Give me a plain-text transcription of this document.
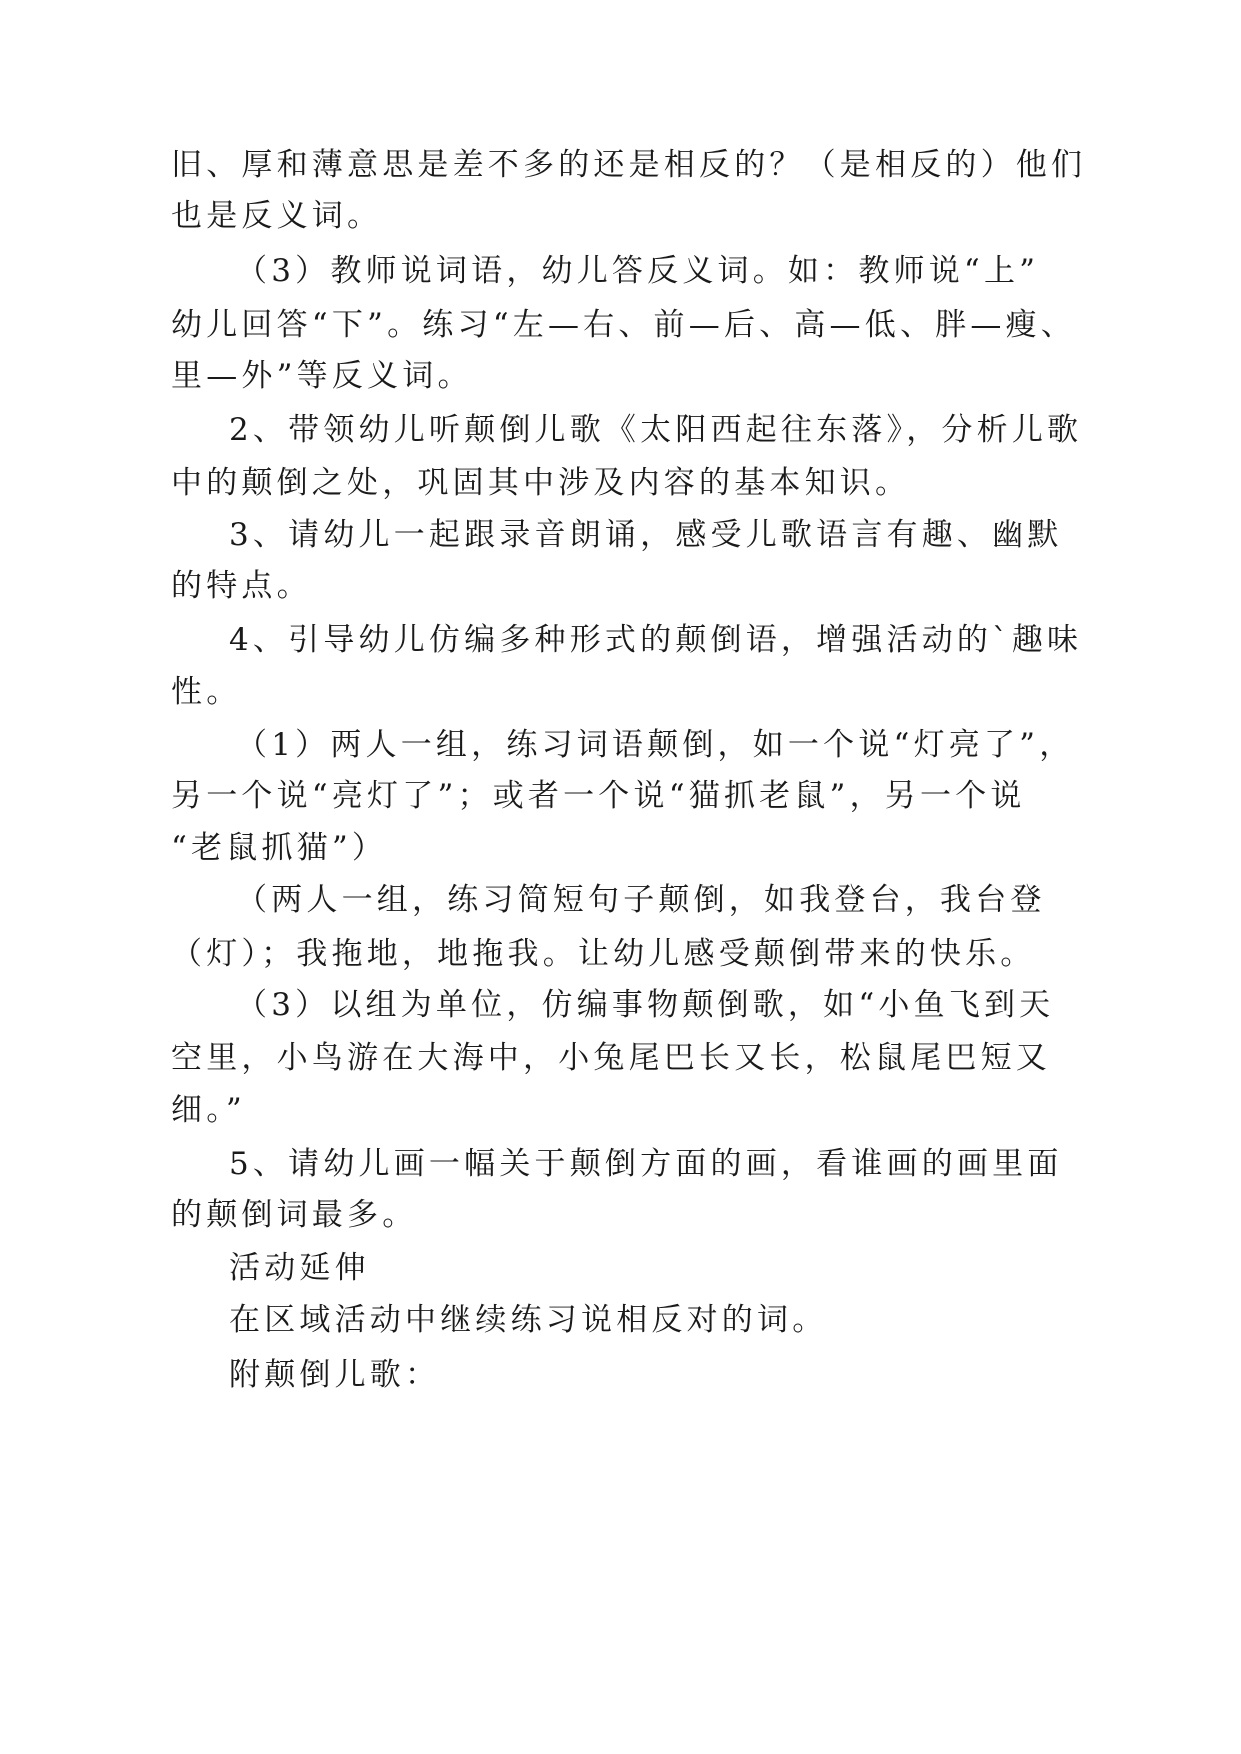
旧、厚和薄意思是差不多的还是相反的？（是相反的）他们
也是反义词。
（3）教师说词语，幼儿答反义词。如：教师说“上”
幼儿回答“下”。练习“左—右、前—后、高—低、胖—瘦、
里—外”等反义词。
2、带领幼儿听颠倒儿歌《太阳西起往东落》，分析儿歌
中的颠倒之处，巩固其中涉及内容的基本知识。
3、请幼儿一起跟录音朗诵，感受儿歌语言有趣、幽默
的特点。
4、引导幼儿仿编多种形式的颠倒语，增强活动的`趣味
性。
（1）两人一组，练习词语颠倒，如一个说“灯亮了”，
另一个说“亮灯了”；或者一个说“猫抓老鼠”，另一个说
“老鼠抓猫”）
（两人一组，练习简短句子颠倒，如我登台，我台登
（灯）；我拖地，地拖我。让幼儿感受颠倒带来的快乐。
（3）以组为单位，仿编事物颠倒歌，如“小鱼飞到天
空里，小鸟游在大海中，小兔尾巴长又长，松鼠尾巴短又
细。”
5、请幼儿画一幅关于颠倒方面的画，看谁画的画里面
的颠倒词最多。
活动延伸
在区域活动中继续练习说相反对的词。
附颠倒儿歌：
